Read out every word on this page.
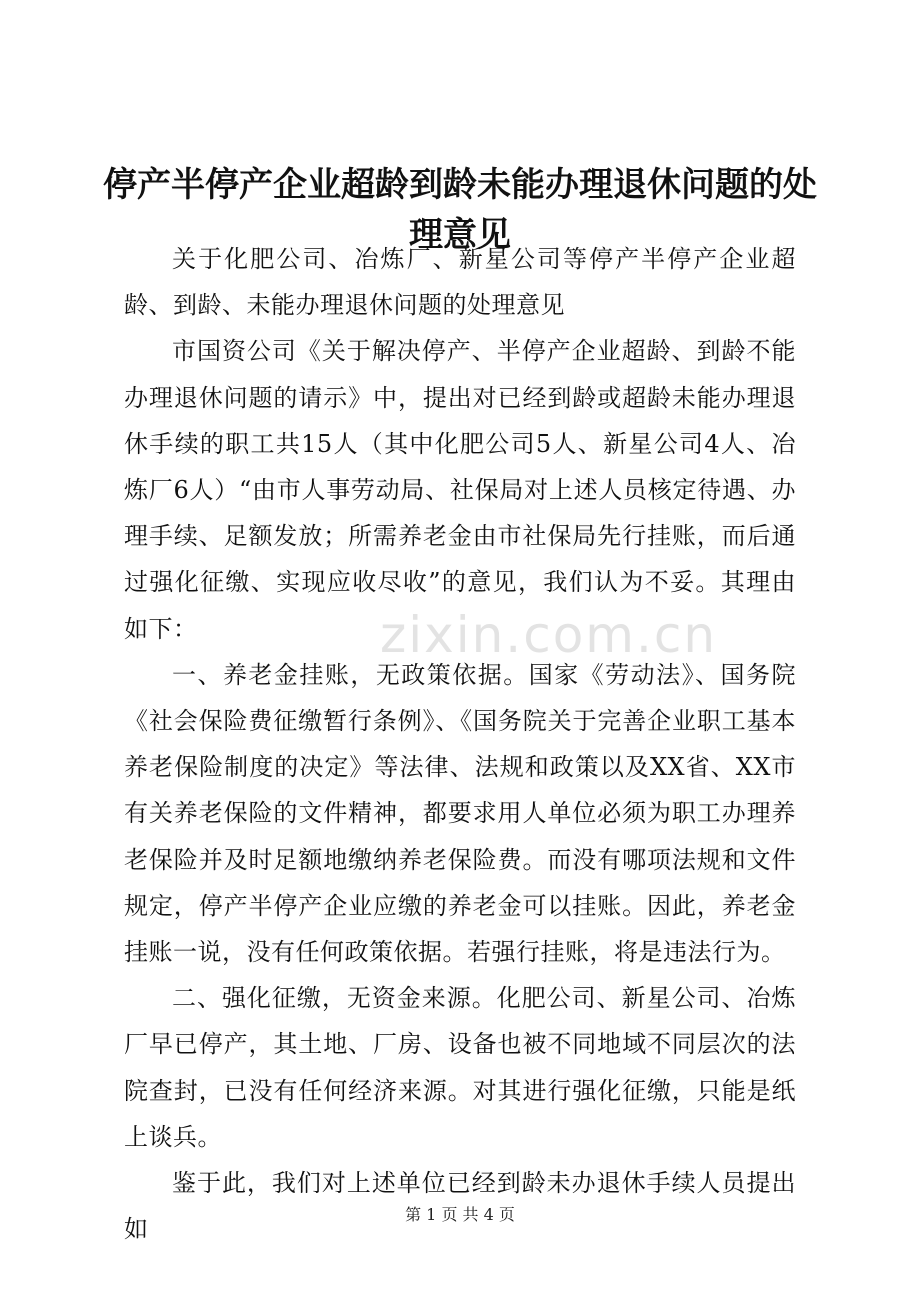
停产半停产企业超龄到龄未能办理退休问题的处理意见

关于化肥公司、冶炼厂、新星公司等停产半停产企业超龄、到龄、未能办理退休问题的处理意见

市国资公司《关于解决停产、半停产企业超龄、到龄不能办理退休问题的请示》中，提出对已经到龄或超龄未能办理退休手续的职工共15人（其中化肥公司5人、新星公司4人、冶炼厂6人）“由市人事劳动局、社保局对上述人员核定待遇、办理手续、足额发放；所需养老金由市社保局先行挂账，而后通过强化征缴、实现应收尽收”的意见，我们认为不妥。其理由如下：

一、养老金挂账，无政策依据。国家《劳动法》、国务院《社会保险费征缴暂行条例》、《国务院关于完善企业职工基本养老保险制度的决定》等法律、法规和政策以及XX省、XX市有关养老保险的文件精神，都要求用人单位必须为职工办理养老保险并及时足额地缴纳养老保险费。而没有哪项法规和文件规定，停产半停产企业应缴的养老金可以挂账。因此，养老金挂账一说，没有任何政策依据。若强行挂账，将是违法行为。

二、强化征缴，无资金来源。化肥公司、新星公司、冶炼厂早已停产，其土地、厂房、设备也被不同地域不同层次的法院查封，已没有任何经济来源。对其进行强化征缴，只能是纸上谈兵。

鉴于此，我们对上述单位已经到龄未办退休手续人员提出如

zixin.com.cn
第 1 页 共 4 页
